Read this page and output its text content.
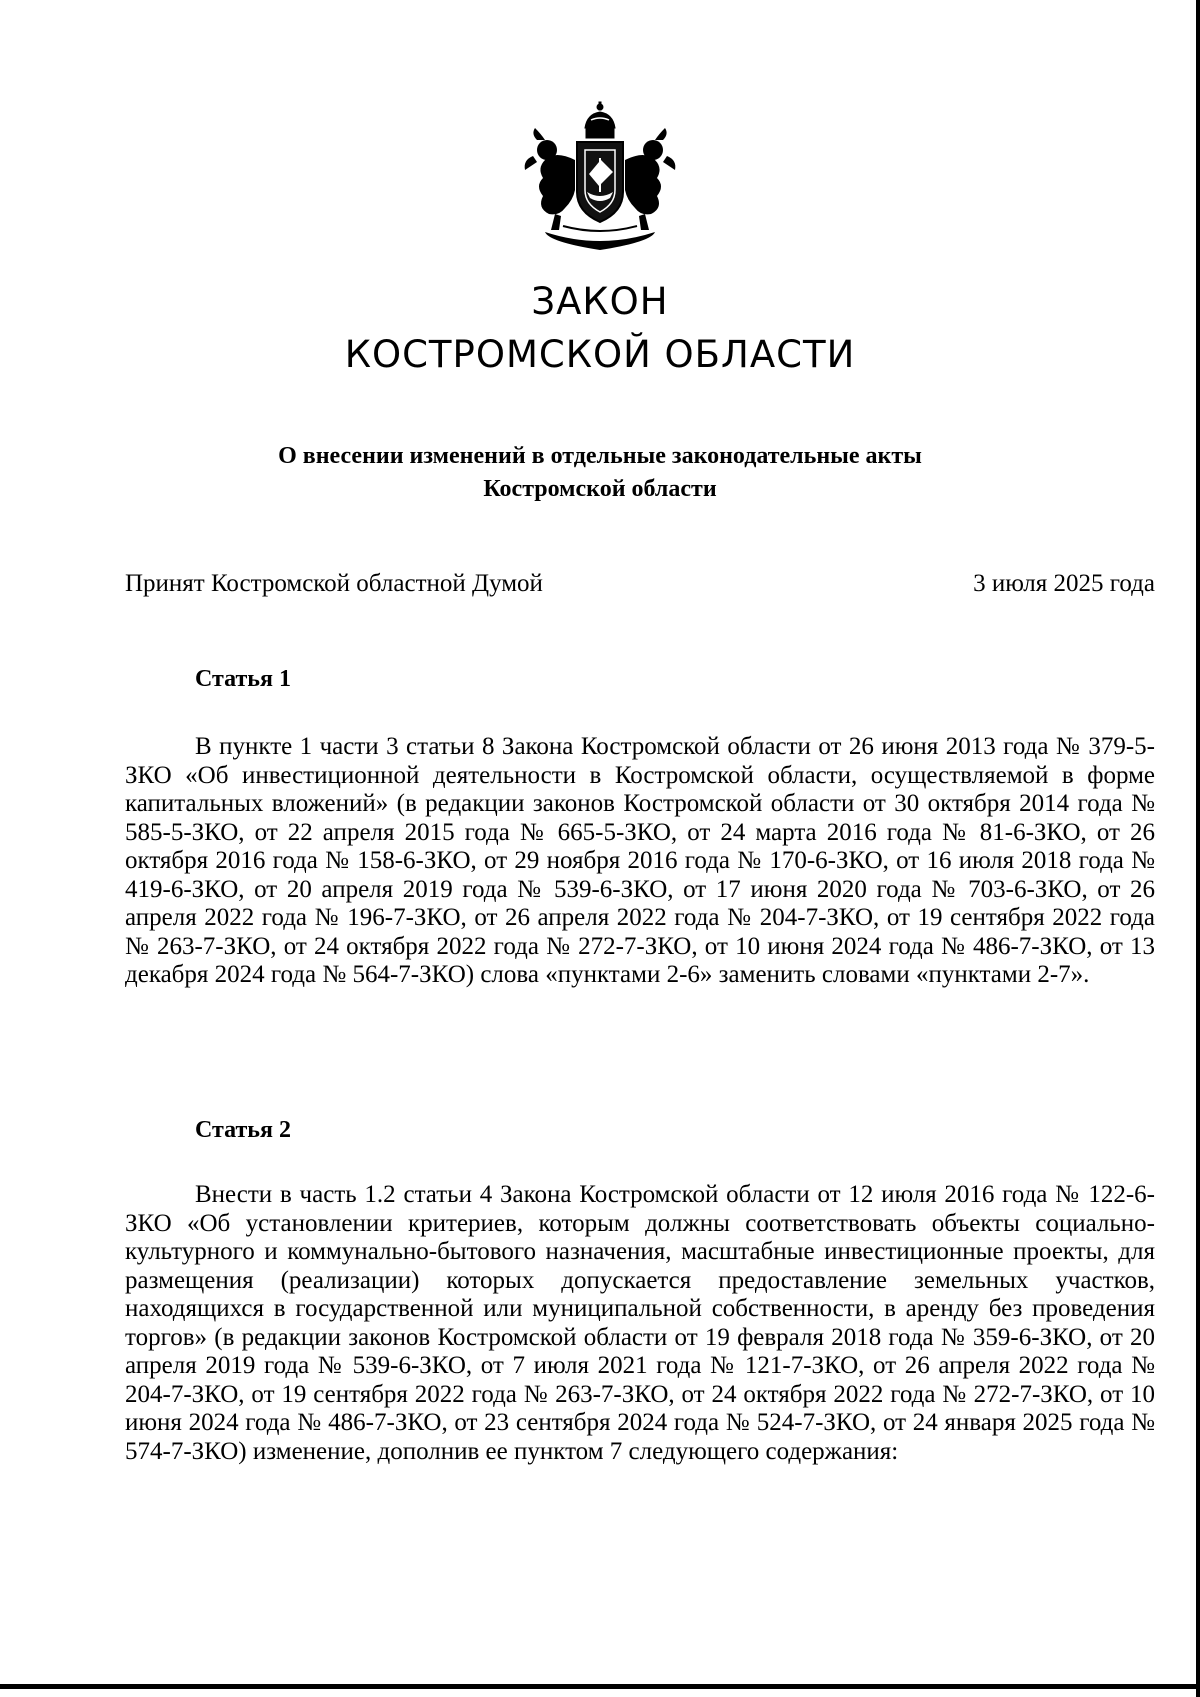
ЗАКОН
КОСТРОМСКОЙ ОБЛАСТИ
О внесении изменений в отдельные законодательные акты
Костромской области
Принят Костромской областной Думой	3 июля 2025 года
Статья 1

В пункте 1 части 3 статьи 8 Закона Костромской области от 26 июня 2013 года № 379-5-ЗКО «Об инвестиционной деятельности в Костромской области, осуществляемой в форме капитальных вложений» (в редакции законов Костромской области от 30 октября 2014 года № 585-5-ЗКО, от 22 апреля 2015 года № 665-5-ЗКО, от 24 марта 2016 года № 81-6-ЗКО, от 26 октября 2016 года № 158-6-ЗКО, от 29 ноября 2016 года № 170-6-ЗКО, от 16 июля 2018 года № 419-6-ЗКО, от 20 апреля 2019 года № 539-6-ЗКО, от 17 июня 2020 года № 703-6-ЗКО, от 26 апреля 2022 года № 196-7-ЗКО, от 26 апреля 2022 года № 204-7-ЗКО, от 19 сентября 2022 года № 263-7-ЗКО, от 24 октября 2022 года № 272-7-ЗКО, от 10 июня 2024 года № 486-7-ЗКО, от 13 декабря 2024 года № 564-7-ЗКО) слова «пунктами 2-6» заменить словами «пунктами 2-7».

Статья 2

Внести в часть 1.2 статьи 4 Закона Костромской области от 12 июля 2016 года № 122-6-ЗКО «Об установлении критериев, которым должны соответствовать объекты социально-культурного и коммунально-бытового назначения, масштабные инвестиционные проекты, для размещения (реализации) которых допускается предоставление земельных участков, находящихся в государственной или муниципальной собственности, в аренду без проведения торгов» (в редакции законов Костромской области от 19 февраля 2018 года № 359-6-ЗКО, от 20 апреля 2019 года № 539-6-ЗКО, от 7 июля 2021 года № 121-7-ЗКО, от 26 апреля 2022 года № 204-7-ЗКО, от 19 сентября 2022 года № 263-7-ЗКО, от 24 октября 2022 года № 272-7-ЗКО, от 10 июня 2024 года № 486-7-ЗКО, от 23 сентября 2024 года № 524-7-ЗКО, от 24 января 2025 года № 574-7-ЗКО) изменение, дополнив ее пунктом 7 следующего содержания:
